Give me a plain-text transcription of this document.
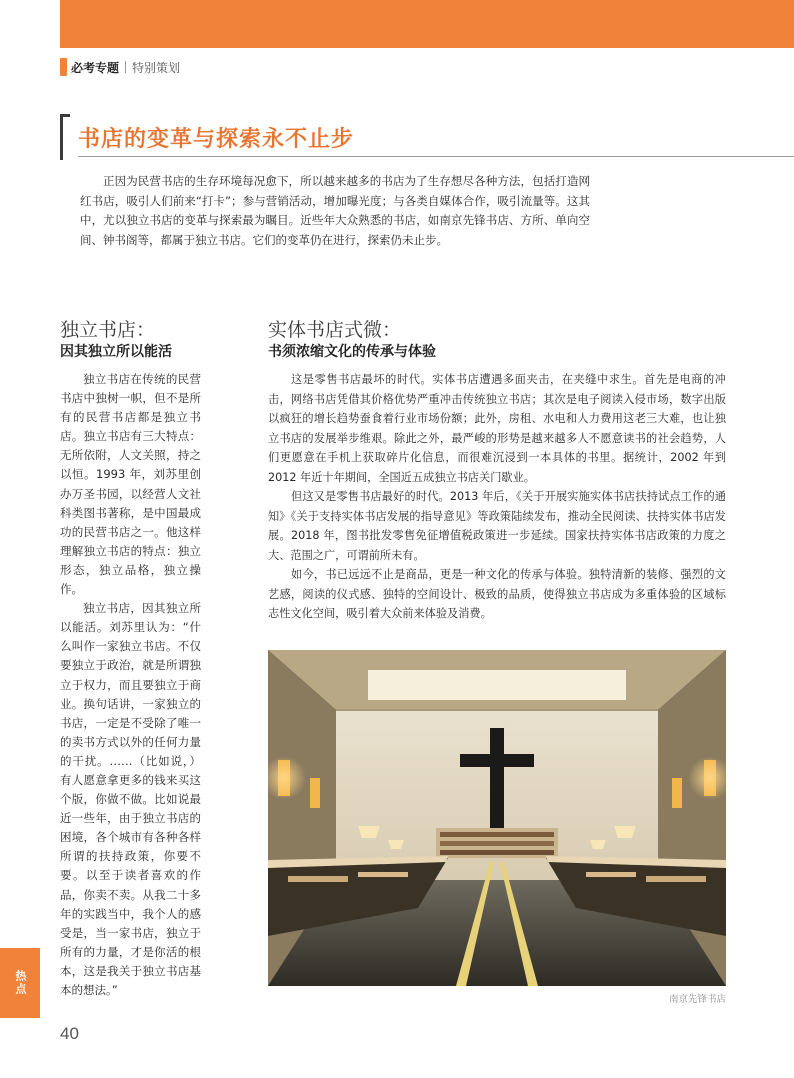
必考专题 特别策划
书店的变革与探索永不止步

正因为民营书店的生存环境每况愈下，所以越来越多的书店为了生存想尽各种方法，包括打造网红书店，吸引人们前来“打卡”；参与营销活动，增加曝光度；与各类自媒体合作，吸引流量等。这其中，尤以独立书店的变革与探索最为瞩目。近些年大众熟悉的书店，如南京先锋书店、方所、单向空间、钟书阁等，都属于独立书店。它们的变革仍在进行，探索仍未止步。

独立书店：
因其独立所以能活

独立书店在传统的民营书店中独树一帜，但不是所有的民营书店都是独立书店。独立书店有三大特点：无所依附，人文关照，持之以恒。1993 年，刘苏里创办万圣书园，以经营人文社科类图书著称，是中国最成功的民营书店之一。他这样理解独立书店的特点：独立形态，独立品格，独立操作。

独立书店，因其独立所以能活。刘苏里认为：“什么叫作一家独立书店。不仅要独立于政治，就是所谓独立于权力，而且要独立于商业。换句话讲，一家独立的书店，一定是不受除了唯一的卖书方式以外的任何力量的干扰。……（比如说，）有人愿意拿更多的钱来买这个版，你做不做。比如说最近一些年，由于独立书店的困境，各个城市有各种各样所谓的扶持政策，你要不要。以至于读者喜欢的作品，你卖不卖。从我二十多年的实践当中，我个人的感受是，当一家书店，独立于所有的力量，才是你活的根本，这是我关于独立书店基本的想法。”

实体书店式微：
书须浓缩文化的传承与体验

这是零售书店最坏的时代。实体书店遭遇多面夹击，在夹缝中求生。首先是电商的冲击，网络书店凭借其价格优势严重冲击传统独立书店；其次是电子阅读入侵市场，数字出版以疯狂的增长趋势蚕食着行业市场份额；此外，房租、水电和人力费用这老三大难，也让独立书店的发展举步维艰。除此之外，最严峻的形势是越来越多人不愿意读书的社会趋势，人们更愿意在手机上获取碎片化信息，而很难沉浸到一本具体的书里。据统计，2002 年到 2012 年近十年期间，全国近五成独立书店关门歇业。

但这又是零售书店最好的时代。2013 年后，《关于开展实施实体书店扶持试点工作的通知》《关于支持实体书店发展的指导意见》等政策陆续发布，推动全民阅读、扶持实体书店发展。2018 年，图书批发零售免征增值税政策进一步延续。国家扶持实体书店政策的力度之大、范围之广，可谓前所未有。

如今，书已远远不止是商品，更是一种文化的传承与体验。独特清新的装修、强烈的文艺感，阅读的仪式感、独特的空间设计、极致的品质，使得独立书店成为多重体验的区域标志性文化空间，吸引着大众前来体验及消费。

南京先锋书店
热点
40
